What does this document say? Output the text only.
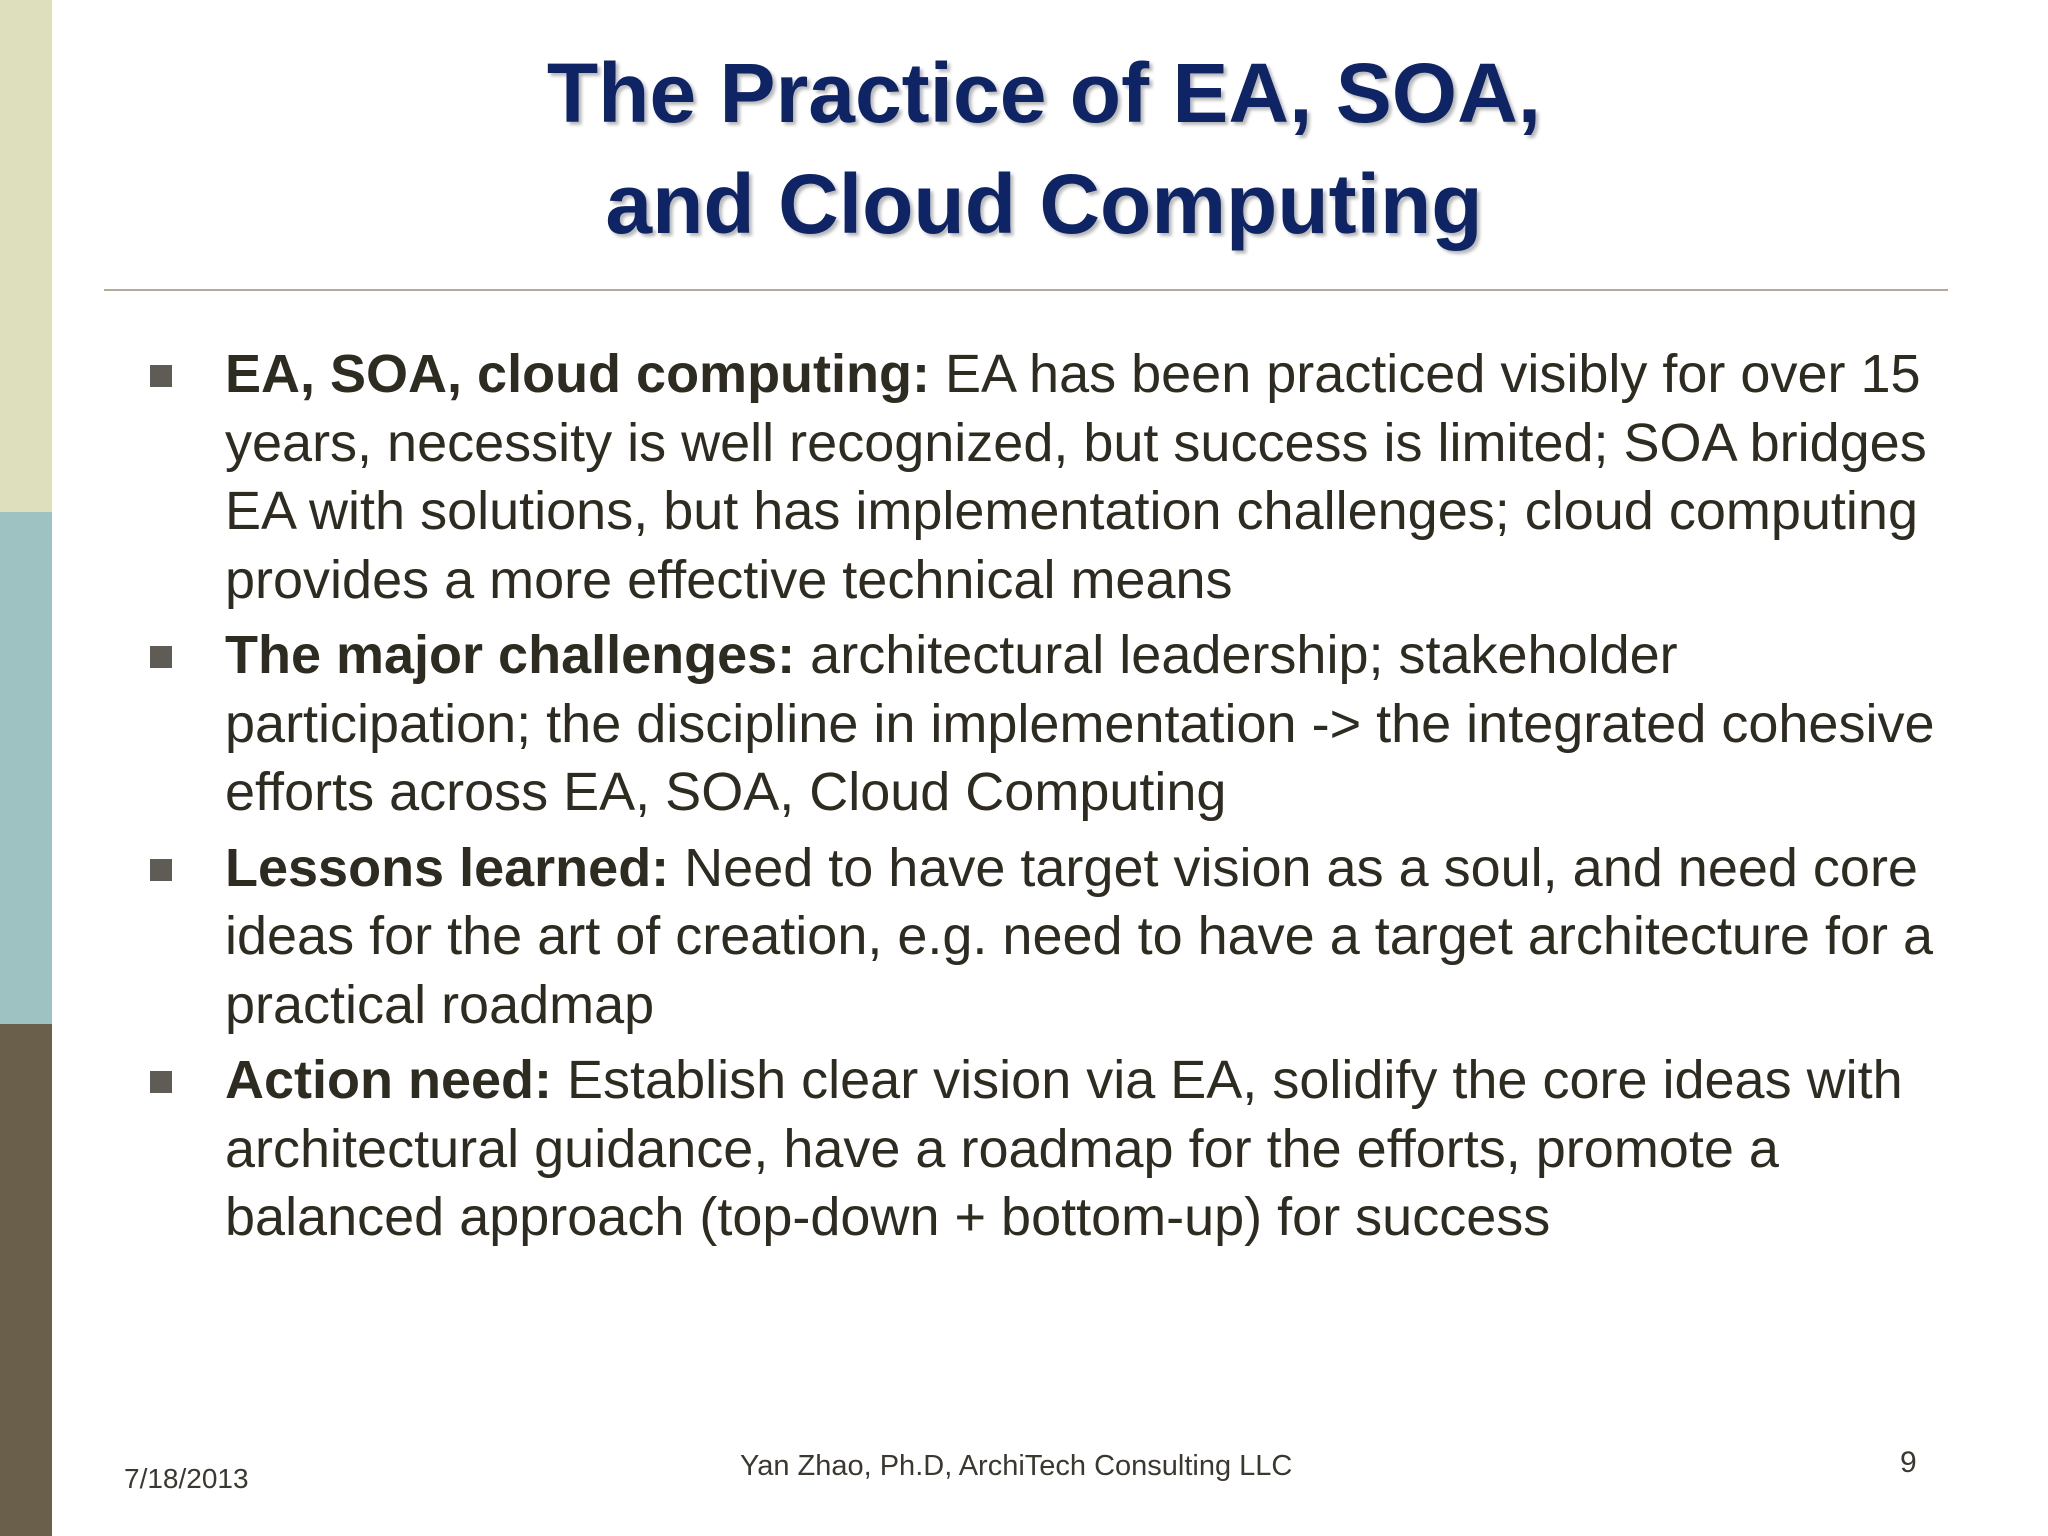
The Practice of EA, SOA,
and Cloud Computing
EA, SOA, cloud computing: EA has been practiced visibly for over 15 years, necessity is well recognized, but success is limited; SOA bridges EA with solutions, but has implementation challenges; cloud computing provides a more effective technical means
The major challenges: architectural leadership; stakeholder participation; the discipline in implementation -> the integrated cohesive efforts across EA, SOA, Cloud Computing
Lessons learned: Need to have target vision as a soul, and need core ideas for the art of creation, e.g. need to have a target architecture for a practical roadmap
Action need: Establish clear vision via EA, solidify the core ideas with architectural guidance, have a roadmap for the efforts, promote a balanced approach (top-down + bottom-up) for success
7/18/2013	Yan Zhao, Ph.D, ArchiTech Consulting LLC	9
